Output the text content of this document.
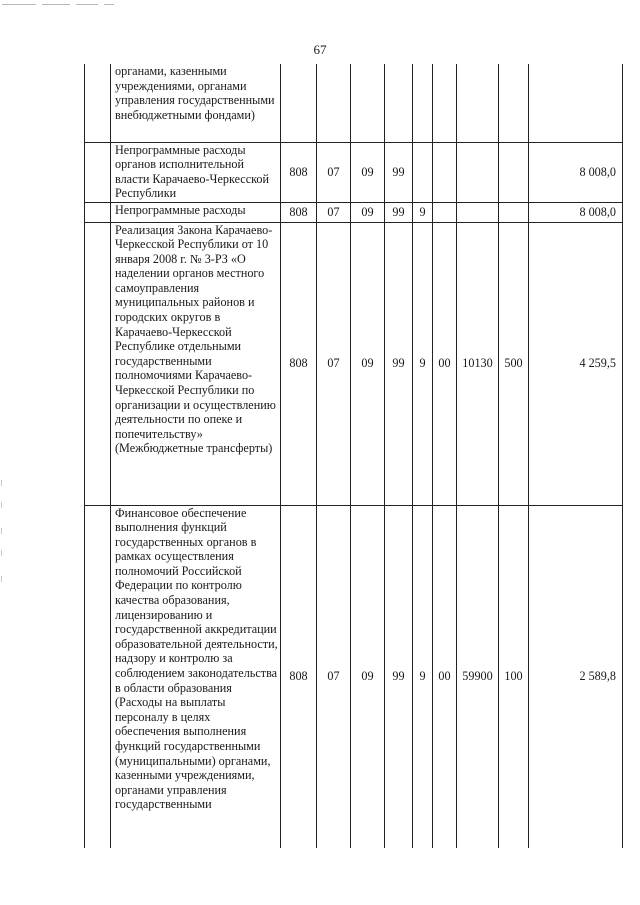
67
	органами, казенными учреждениями, органами управления государственными внебюджетными фондами)									
	Непрограммные расходы органов исполнительной власти Карачаево-Черкесской Республики	808	07	09	99					8 008,0
	Непрограммные расходы	808	07	09	99	9				8 008,0
	Реализация Закона Карачаево-Черкесской Республики от 10 января 2008 г. № 3-РЗ «О наделении органов местного самоуправления муниципальных районов и городских округов в Карачаево-Черкесской Республике отдельными государственными полномочиями Карачаево-Черкесской Республики по организации и осуществлению деятельности по опеке и попечительству» (Межбюджетные трансферты)	808	07	09	99	9	00	10130	500	4 259,5
	Финансовое обеспечение выполнения функций государственных органов в рамках осуществления полномочий Российской Федерации по контролю качества образования, лицензированию и государственной аккредитации образовательной деятельности, надзору и контролю за соблюдением законодательства в области образования (Расходы на выплаты персоналу в целях обеспечения выполнения функций государственными (муниципальными) органами, казенными учреждениями, органами управления государственными	808	07	09	99	9	00	59900	100	2 589,8
